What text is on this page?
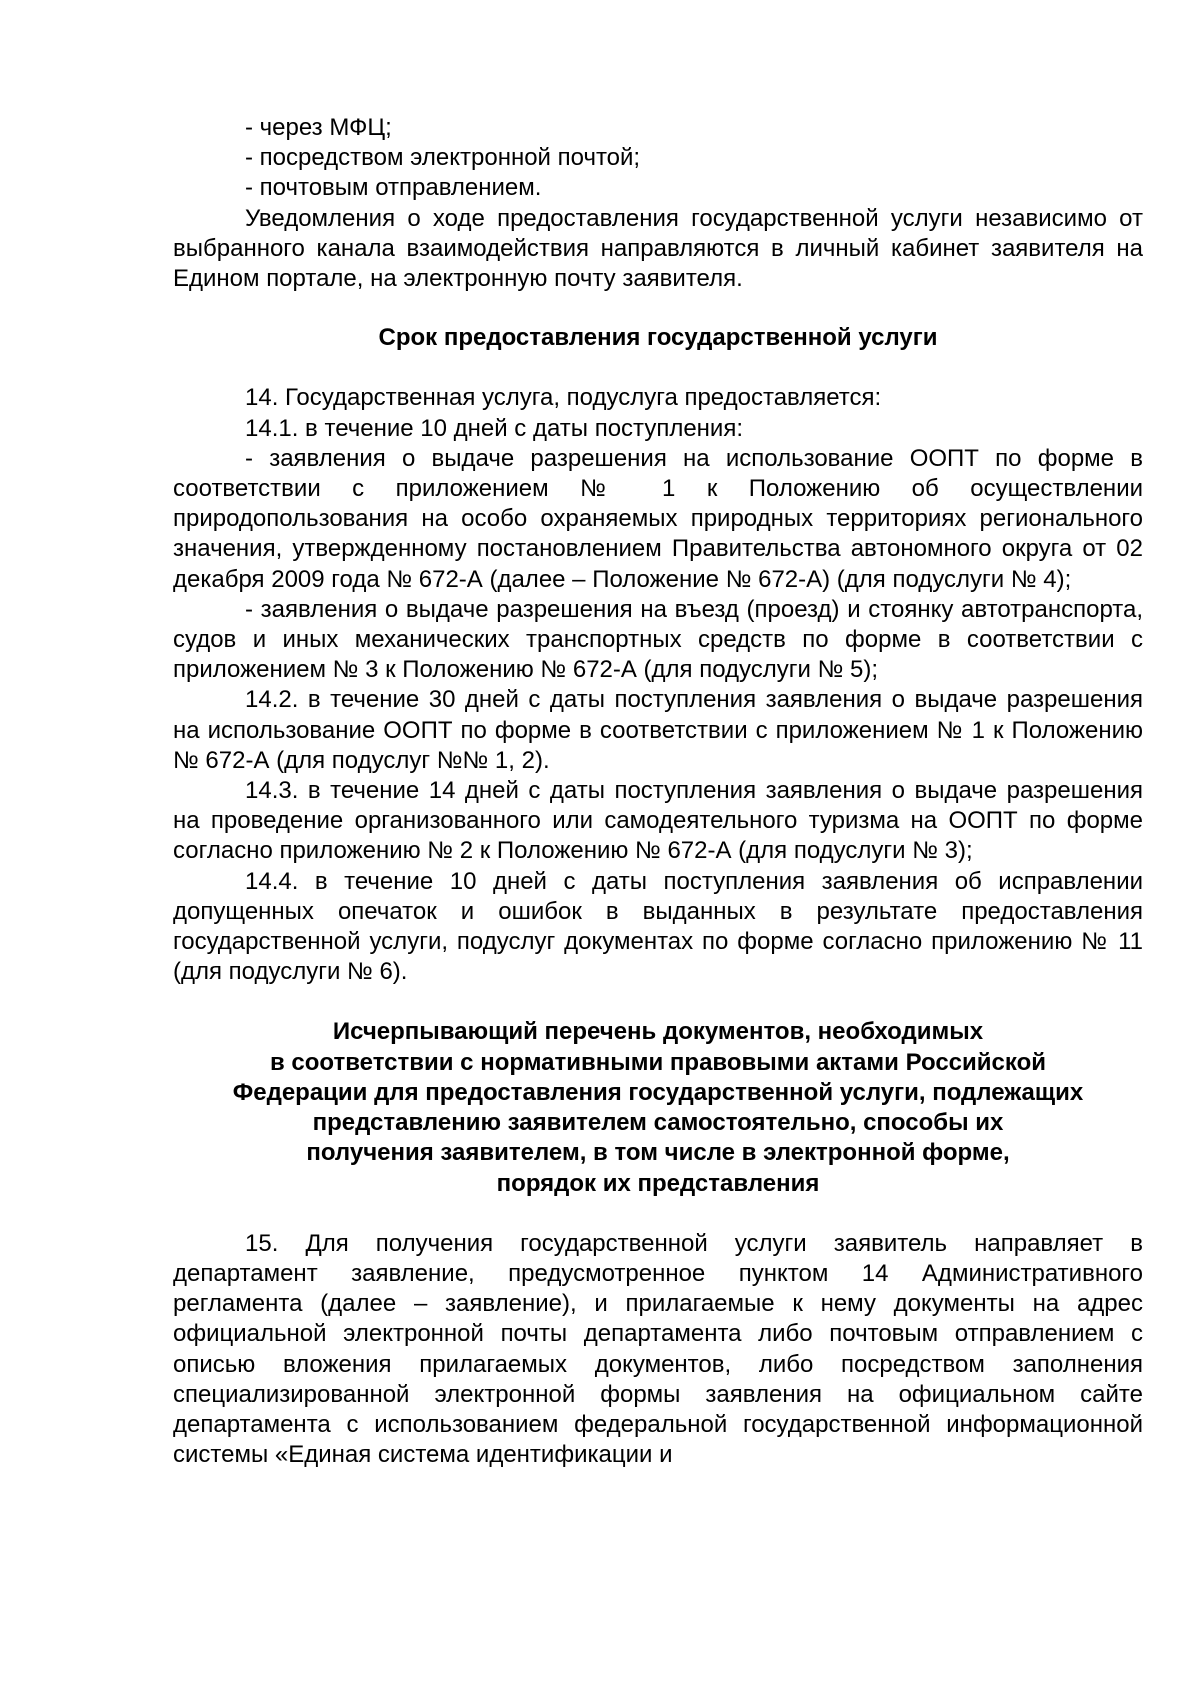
- через МФЦ;

- посредством электронной почтой;

- почтовым отправлением.

Уведомления о ходе предоставления государственной услуги независимо от выбранного канала взаимодействия направляются в личный кабинет заявителя на Едином портале, на электронную почту заявителя.

Срок предоставления государственной услуги

14. Государственная услуга, подуслуга предоставляется:

14.1. в течение 10 дней с даты поступления:

- заявления о выдаче разрешения на использование ООПТ по форме в соответствии с приложением № 1 к Положению об осуществлении природопользования на особо охраняемых природных территориях регионального значения, утвержденному постановлением Правительства автономного округа от 02 декабря 2009 года № 672-А (далее – Положение № 672-А) (для подуслуги № 4);

- заявления о выдаче разрешения на въезд (проезд) и стоянку автотранспорта, судов и иных механических транспортных средств по форме в соответствии с приложением № 3 к Положению № 672-А (для подуслуги № 5);

14.2. в течение 30 дней с даты поступления заявления о выдаче разрешения на использование ООПТ по форме в соответствии с приложением № 1 к Положению № 672-А (для подуслуг №№ 1, 2).

14.3. в течение 14 дней с даты поступления заявления о выдаче разрешения на проведение организованного или самодеятельного туризма на ООПТ по форме согласно приложению № 2 к Положению № 672-А (для подуслуги № 3);

14.4. в течение 10 дней с даты поступления заявления об исправлении допущенных опечаток и ошибок в выданных в результате предоставления государственной услуги, подуслуг документах по форме согласно приложению № 11 (для подуслуги № 6).

Исчерпывающий перечень документов, необходимых
в соответствии с нормативными правовыми актами Российской
Федерации для предоставления государственной услуги, подлежащих
представлению заявителем самостоятельно, способы их
получения заявителем, в том числе в электронной форме,
порядок их представления

15. Для получения государственной услуги заявитель направляет в департамент заявление, предусмотренное пунктом 14 Административного регламента (далее – заявление), и прилагаемые к нему документы на адрес официальной электронной почты департамента либо почтовым отправлением с описью вложения прилагаемых документов, либо посредством заполнения специализированной электронной формы заявления на официальном сайте департамента с использованием федеральной государственной информационной системы «Единая система идентификации и
